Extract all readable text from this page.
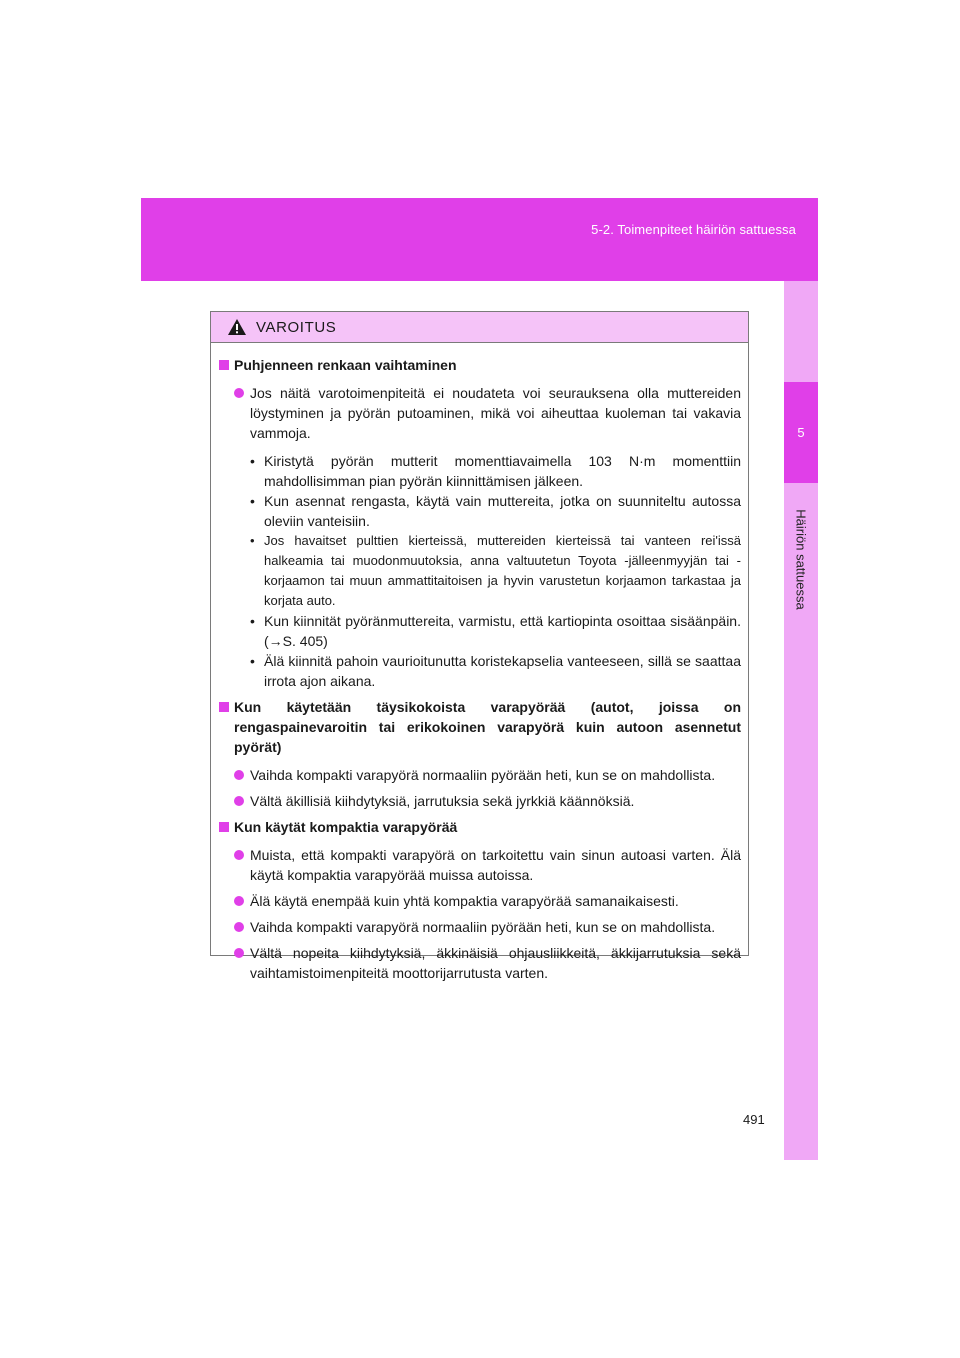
5-2. Toimenpiteet häiriön sattuessa
5
Häiriön sattuessa
VAROITUS
Puhjenneen renkaan vaihtaminen
Jos näitä varotoimenpiteitä ei noudateta voi seurauksena olla muttereiden löystyminen ja pyörän putoaminen, mikä voi aiheuttaa kuoleman tai vakavia vammoja.
• Kiristytä pyörän mutterit momenttiavaimella 103 N·m momenttiin mahdollisimman pian pyörän kiinnittämisen jälkeen.
• Kun asennat rengasta, käytä vain muttereita, jotka on suunniteltu autossa oleviin vanteisiin.
• Jos havaitset pulttien kierteissä, muttereiden kierteissä tai vanteen rei'issä halkeamia tai muodonmuutoksia, anna valtuutetun Toyota -jälleenmyyjän tai -korjaamon tai muun ammattitaitoisen ja hyvin varustetun korjaamon tarkastaa ja korjata auto.
• Kun kiinnität pyöränmuttereita, varmistu, että kartiopinta osoittaa sisäänpäin. (→S. 405)
• Älä kiinnitä pahoin vaurioitunutta koristekapselia vanteeseen, sillä se saattaa irrota ajon aikana.
Kun käytetään täysikokoista varapyörää (autot, joissa on rengaspainevaroitin tai erikokoinen varapyörä kuin autoon asennetut pyörät)
Vaihda kompakti varapyörä normaaliin pyörään heti, kun se on mahdollista.
Vältä äkillisiä kiihdytyksiä, jarrutuksia sekä jyrkkiä käännöksiä.
Kun käytät kompaktia varapyörää
Muista, että kompakti varapyörä on tarkoitettu vain sinun autoasi varten. Älä käytä kompaktia varapyörää muissa autoissa.
Älä käytä enempää kuin yhtä kompaktia varapyörää samanaikaisesti.
Vaihda kompakti varapyörä normaaliin pyörään heti, kun se on mahdollista.
Vältä nopeita kiihdytyksiä, äkkinäisiä ohjausliikkeitä, äkkijarrutuksia sekä vaihtamistoimenpiteitä moottorijarrutusta varten.
491
